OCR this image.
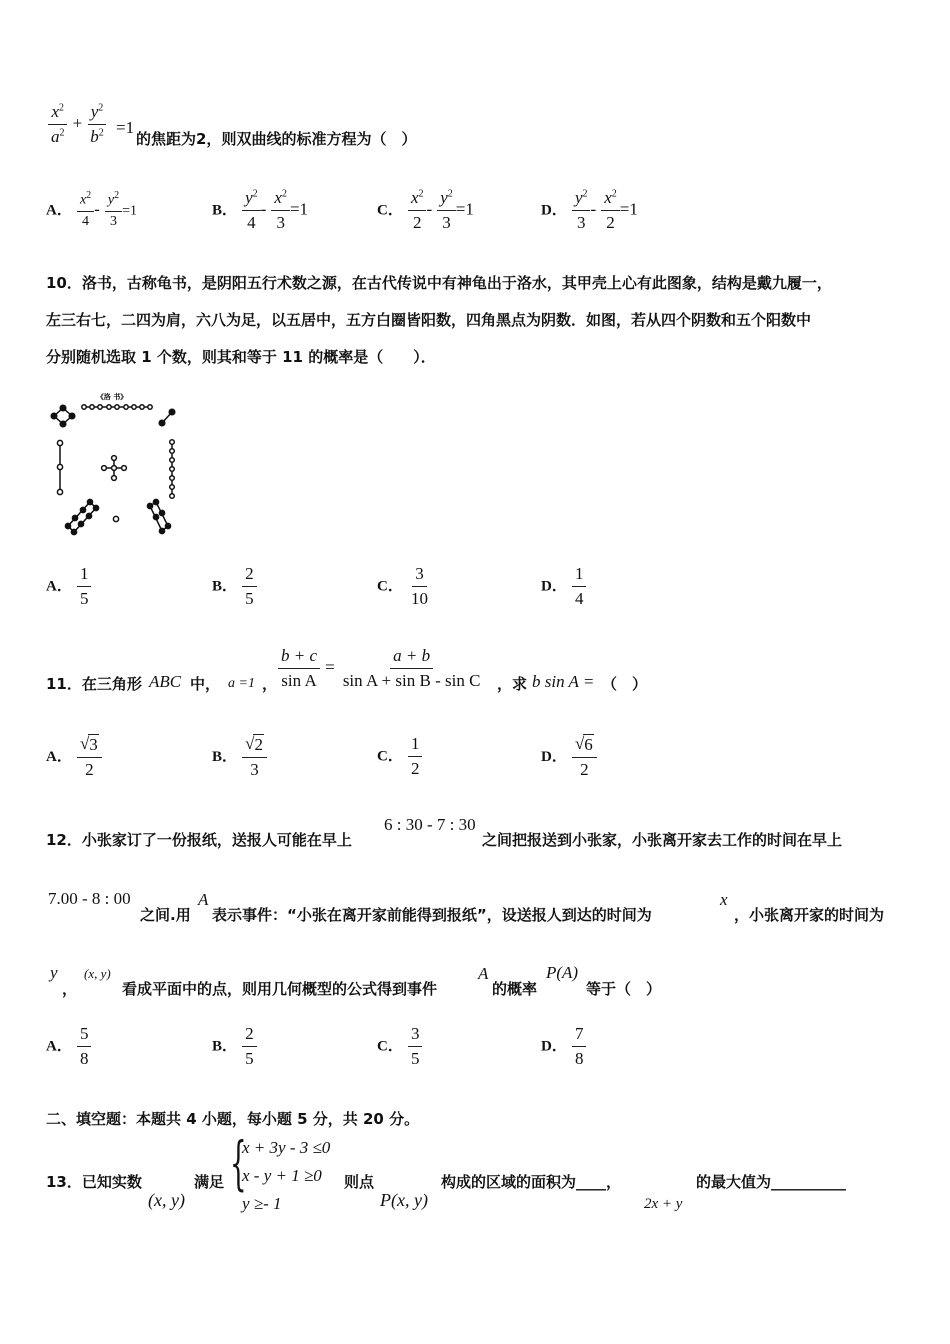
$\frac{x^2}{a^2} + \frac{y^2}{b^2} =1$
的焦距为2，则双曲线的标准方程为（　）
A． $\frac{x^2}{4} - \frac{y^2}{3} =1$	B． $\frac{y^2}{4} - \frac{x^2}{3} =1$	C． $\frac{x^2}{2} - \frac{y^2}{3} =1$	D． $\frac{y^2}{3} - \frac{x^2}{2} =1$
10．洛书，古称龟书，是阴阳五行术数之源，在古代传说中有神龟出于洛水，其甲壳上心有此图象，结构是戴九履一，
左三右七，二四为肩，六八为足，以五居中，五方白圈皆阳数，四角黑点为阴数．如图，若从四个阴数和五个阳数中
分别随机选取 1 个数，则其和等于 11 的概率是（　　）．
《洛 书》
A． $\frac{1}{5}$	B． $\frac{2}{5}$	C． $\frac{3}{10}$	D． $\frac{1}{4}$
11．在三角形 ABC 中， a =1 ， $\frac{b + c}{\text{sin A}} = \frac{a + b}{\text{sin A + sin B - sin C}}$ ，求 b sin A = （　）
A． $\frac{√ 3}{2}$	B． $\frac{√ 2}{3}$	C． $\frac{1}{2}$	D． $\frac{√ 6}{2}$
12．小张家订了一份报纸，送报人可能在早上
6 : 30 - 7 : 30
之间把报送到小张家，小张离开家去工作的时间在早上
7.00 - 8 : 00
之间.用
A
表示事件：“小张在离开家前能得到报纸”，设送报人到达的时间为
x
，小张离开家的时间为
y
，
(x, y)
看成平面中的点，则用几何概型的公式得到事件
A
的概率
P(A)
等于（　）
A． $\frac{5}{8}$	B． $\frac{2}{5}$	C． $\frac{3}{5}$	D． $\frac{7}{8}$
二、填空题：本题共 4 小题，每小题 5 分，共 20 分。
13．已知实数
(x, y)
满足 {
x + 3y - 3 ≤0
x - y + 1 ≥0
y ≥- 1
则点
P(x, y)
构成的区域的面积为____，
2x + y
的最大值为__________
